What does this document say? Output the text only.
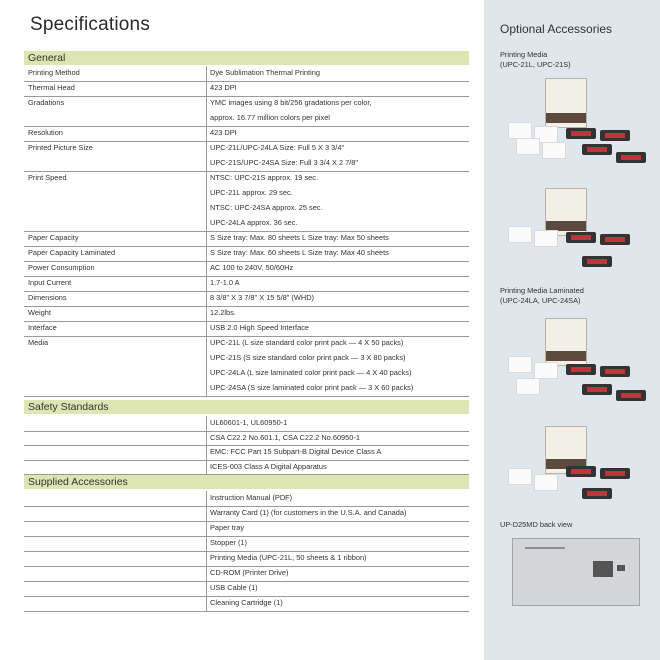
Specifications
General
Printing Method	Dye Sublimation Thermal Printing
Thermal Head	423 DPI
Gradations	YMC images using 8 bit/256 gradations per color,
approx. 16.77 million colors per pixel
Resolution	423 DPI
Printed Picture Size	UPC-21L/UPC-24LA Size: Full 5 X 3 3/4"
UPC-21S/UPC-24SA Size: Full 3 3/4 X 2 7/8"
Print Speed	NTSC: UPC-21S approx. 19 sec.
UPC-21L approx. 29 sec.
NTSC: UPC-24SA approx. 25 sec.
UPC-24LA approx. 36 sec.
Paper Capacity	S Size tray: Max. 80 sheets L Size tray: Max 50 sheets
Paper Capacity Laminated	S Size tray: Max. 60 sheets L Size tray: Max 40 sheets
Power Consumption	AC 100 to 240V, 50/60Hz
Input Current	1.7-1.0 A
Dimensions	8 3/8" X 3 7/8" X 15 5/8" (WHD)
Weight	12.2lbs.
Interface	USB 2.0 High Speed Interface
Media	UPC-21L (L size standard color print pack — 4 X 50 packs)
UPC-21S (S size standard color print pack — 3 X 80 packs)
UPC-24LA (L size laminated color print pack — 4 X 40 packs)
UPC-24SA (S size laminated color print pack — 3 X 60 packs)
Safety Standards
UL60601-1, UL60950-1
CSA C22.2 No.601.1, CSA C22.2 No.60950-1
EMC: FCC Part 15 Subpart-B Digital Device Class A
ICES-003 Class A Digital Apparatus
Supplied Accessories
Instruction Manual (PDF)
Warranty Card (1) (for customers in the U.S.A. and Canada)
Paper tray
Stopper (1)
Printing Media (UPC-21L, 50 sheets & 1 ribbon)
CD-ROM (Printer Drive)
USB Cable (1)
Cleaning Cartridge (1)
Optional Accessories
Printing Media
(UPC-21L, UPC-21S)
Printing Media Laminated
(UPC-24LA, UPC-24SA)
UP-D25MD back view
